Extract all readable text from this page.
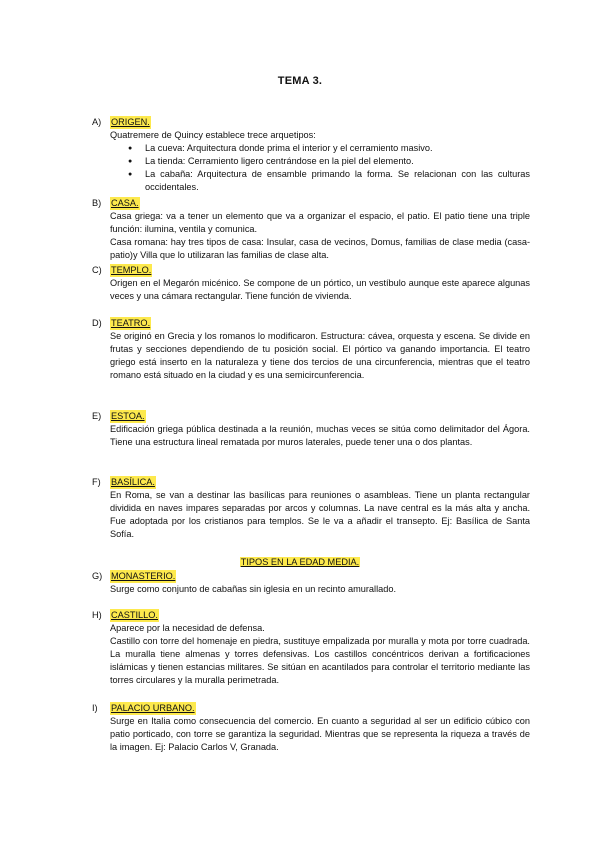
TEMA 3.
A) ORIGEN.

Quatremere de Quincy establece trece arquetipos:

● La cueva: Arquitectura donde prima el interior y el cerramiento masivo.
● La tienda: Cerramiento ligero centrándose en la piel del elemento.
● La cabaña: Arquitectura de ensamble primando la forma. Se relacionan con las culturas occidentales.
B) CASA.

Casa griega: va a tener un elemento que va a organizar el espacio, el patio. El patio tiene una triple función: ilumina, ventila y comunica.

Casa romana: hay tres tipos de casa: Insular, casa de vecinos, Domus, familias de clase media (casa-patio)y Villa que lo utilizaran las familias de clase alta.

C) TEMPLO.

Origen en el Megarón micénico. Se compone de un pórtico, un vestíbulo aunque este aparece algunas veces y una cámara rectangular. Tiene función de vivienda.

D) TEATRO.

Se originó en Grecia y los romanos lo modificaron. Estructura: cávea, orquesta y escena. Se divide en frutas y secciones dependiendo de tu posición social. El pórtico va ganando importancia. El teatro griego está inserto en la naturaleza y tiene dos tercios de una circunferencia, mientras que el teatro romano está situado en la ciudad y es una semicircunferencia.

E) ESTOA.

Edificación griega pública destinada a la reunión, muchas veces se sitúa como delimitador del Ágora. Tiene una estructura lineal rematada por muros laterales, puede tener una o dos plantas.

F) BASÍLICA.

En Roma, se van a destinar las basílicas para reuniones o asambleas. Tiene un planta rectangular dividida en naves impares separadas por arcos y columnas. La nave central es la más alta y ancha. Fue adoptada por los cristianos para templos. Se le va a añadir el transepto. Ej: Basílica de Santa Sofía.

TIPOS EN LA EDAD MEDIA.
G) MONASTERIO.

Surge como conjunto de cabañas sin iglesia en un recinto amurallado.

H) CASTILLO.

Aparece por la necesidad de defensa.

Castillo con torre del homenaje en piedra, sustituye empalizada por muralla y mota por torre cuadrada. La muralla tiene almenas y torres defensivas. Los castillos concéntricos derivan a fortificaciones islámicas y tienen estancias militares. Se sitúan en acantilados para controlar el territorio mediante las torres circulares y la muralla perimetrada.

I) PALACIO URBANO.

Surge en Italia como consecuencia del comercio. En cuanto a seguridad al ser un edificio cúbico con patio porticado, con torre se garantiza la seguridad. Mientras que se representa la riqueza a través de la imagen. Ej: Palacio Carlos V, Granada.
